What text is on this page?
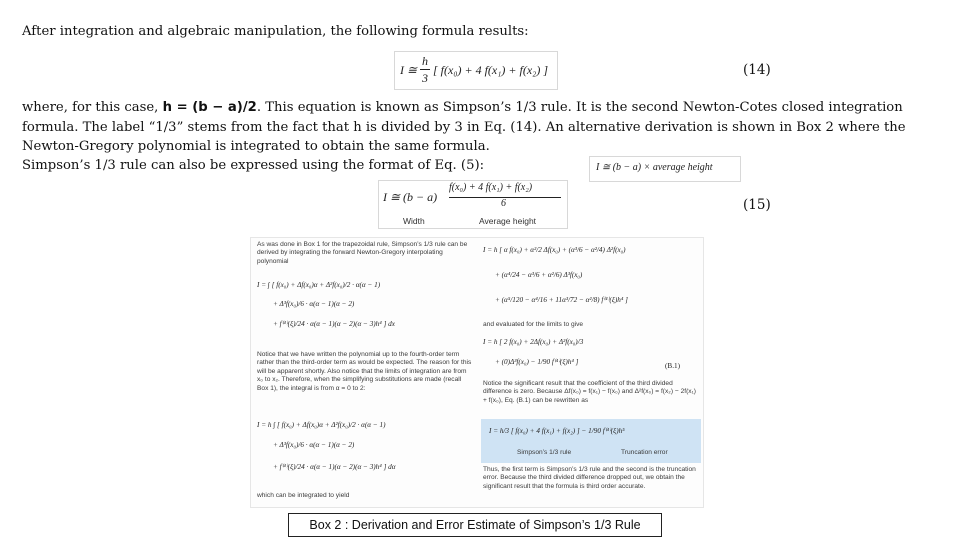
After integration and algebraic manipulation, the following formula results:
I ≅
h
3
[ f(x₀) + 4 f(x₁) + f(x₂) ]	(14)
where, for this case, h = (b − a)/2. This equation is known as Simpson’s 1/3 rule. It is the second Newton-Cotes closed integration
formula. The label “1/3” stems from the fact that h is divided by 3 in Eq. (14). An alternative derivation is shown in Box 2 where the
Newton-Gregory polynomial is integrated to obtain the same formula.
Simpson’s 1/3 rule can also be expressed using the format of Eq. (5):	I ≅ (b − a) × average height
I ≅ (b − a)
f(x₀) + 4 f(x₁) + f(x₂)
6
Width	Average height
(15)
As was done in Box 1 for the trapezoidal rule, Simpson’s 1/3 rule can be derived by integrating the forward Newton-Gregory interpolating polynomial
I = ∫ [ f(x₀) + Δf(x₀)α + Δ²f(x₀)/2 · α(α − 1)
+ Δ³f(x₀)/6 · α(α − 1)(α − 2)
+ f⁽⁴⁾(ξ)/24 · α(α − 1)(α − 2)(α − 3)h⁴ ] dx
Notice that we have written the polynomial up to the fourth-order term rather than the third-order term as would be expected. The reason for this will be apparent shortly. Also notice that the limits of integration are from x₀ to x₂. Therefore, when the simplifying substitutions are made (recall Box 1), the integral is from α = 0 to 2:
I = h ∫ [ f(x₀) + Δf(x₀)α + Δ²f(x₀)/2 · α(α − 1)
+ Δ³f(x₀)/6 · α(α − 1)(α − 2)
+ f⁽⁴⁾(ξ)/24 · α(α − 1)(α − 2)(α − 3)h⁴ ] dα
which can be integrated to yield
I = h [ α f(x₀) + α²/2 Δf(x₀) + (α³/6 − α²/4) Δ²f(x₀)
+ (α⁴/24 − α³/6 + α²/6) Δ³f(x₀)
+ (α⁵/120 − α⁴/16 + 11α³/72 − α²/8) f⁽⁴⁾(ξ)h⁴ ]
and evaluated for the limits to give
I = h [ 2 f(x₀) + 2Δf(x₀) + Δ²f(x₀)/3
+ (0)Δ³f(x₀) − 1/90 f⁽⁴⁾(ξ)h⁴ ]	(B.1)
Notice the significant result that the coefficient of the third divided difference is zero. Because Δf(x₀) = f(x₁) − f(x₀) and Δ²f(x₀) = f(x₂) − 2f(x₁) + f(x₀), Eq. (B.1) can be rewritten as
I = h/3 [ f(x₀) + 4 f(x₁) + f(x₂) ] − 1/90 f⁽⁴⁾(ξ)h⁵
Simpson’s 1/3 rule	Truncation error
Thus, the first term is Simpson’s 1/3 rule and the second is the truncation error. Because the third divided difference dropped out, we obtain the significant result that the formula is third order accurate.
Box 2 : Derivation and Error Estimate of Simpson’s 1/3 Rule
